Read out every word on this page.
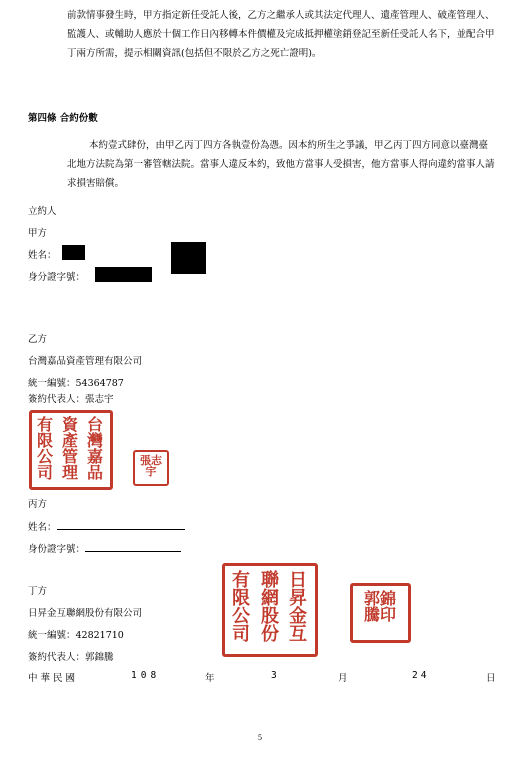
前款情事發生時，甲方指定新任受託人後，乙方之繼承人或其法定代理人、遺產管理人、破產管理人、監護人、或輔助人應於十個工作日內移轉本件價權及完成抵押權塗銷登記至新任受託人名下，並配合甲丁兩方所需，提示相關資訊(包括但不限於乙方之死亡證明)。
第四條 合約份數
本約壹式肆份，由甲乙丙丁四方各執壹份為憑。因本約所生之爭議，甲乙丙丁四方同意以臺灣臺北地方法院為第一審管轄法院。當事人違反本約，致他方當事人受損害，他方當事人得向違約當事人請求損害賠償。
立約人
甲方
姓名：
身分證字號：
乙方
台灣嘉品資產管理有限公司
統一編號：54364787
簽約代表人：張志宇
台灣
嘉品
資產
管理
有限
公司
張志
宇
丙方
姓名：
身份證字號：
丁方
日昇金互聯網股份有限公司
統一編號：42821710
簽約代表人：郭錦騰
日昇
金互
聯網
股份
有限
公司
郭錦
騰印
中 華 民 國	108	年	3	月	24	日
5
